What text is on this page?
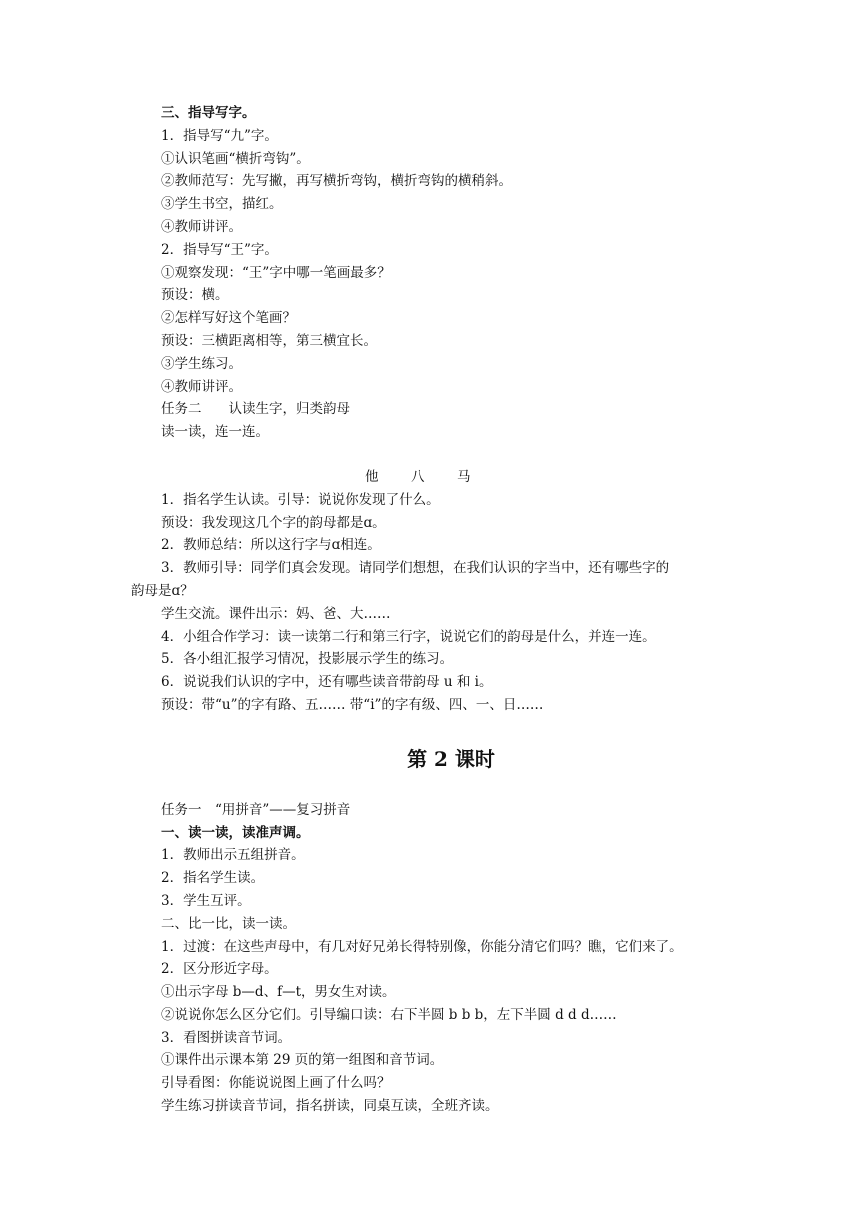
三、指导写字。
1．指导写“九”字。
①认识笔画“横折弯钩”。
②教师范写：先写撇，再写横折弯钩，横折弯钩的横稍斜。
③学生书空，描红。
④教师讲评。
2．指导写“王”字。
①观察发现：“王”字中哪一笔画最多？
预设：横。
②怎样写好这个笔画？
预设：三横距离相等，第三横宜长。
③学生练习。
④教师讲评。
任务二　　认读生字，归类韵母
读一读，连一连。
他 八 马
1．指名学生认读。引导：说说你发现了什么。
预设：我发现这几个字的韵母都是ɑ。
2．教师总结：所以这行字与ɑ相连。
3．教师引导：同学们真会发现。请同学们想想，在我们认识的字当中，还有哪些字的
韵母是ɑ？
学生交流。课件出示：妈、爸、大……
4．小组合作学习：读一读第二行和第三行字，说说它们的韵母是什么，并连一连。
5．各小组汇报学习情况，投影展示学生的练习。
6．说说我们认识的字中，还有哪些读音带韵母 u 和 i。
预设：带“u”的字有路、五…… 带“i”的字有级、四、一、日……
第 2 课时
任务一　“用拼音”——复习拼音
一、读一读，读准声调。
1．教师出示五组拼音。
2．指名学生读。
3．学生互评。
二、比一比，读一读。
1．过渡：在这些声母中，有几对好兄弟长得特别像，你能分清它们吗？瞧，它们来了。
2．区分形近字母。
①出示字母 b—d、f—t，男女生对读。
②说说你怎么区分它们。引导编口读：右下半圆 b b b，左下半圆 d d d……
3．看图拼读音节词。
①课件出示课本第 29 页的第一组图和音节词。
引导看图：你能说说图上画了什么吗？
学生练习拼读音节词，指名拼读，同桌互读，全班齐读。
